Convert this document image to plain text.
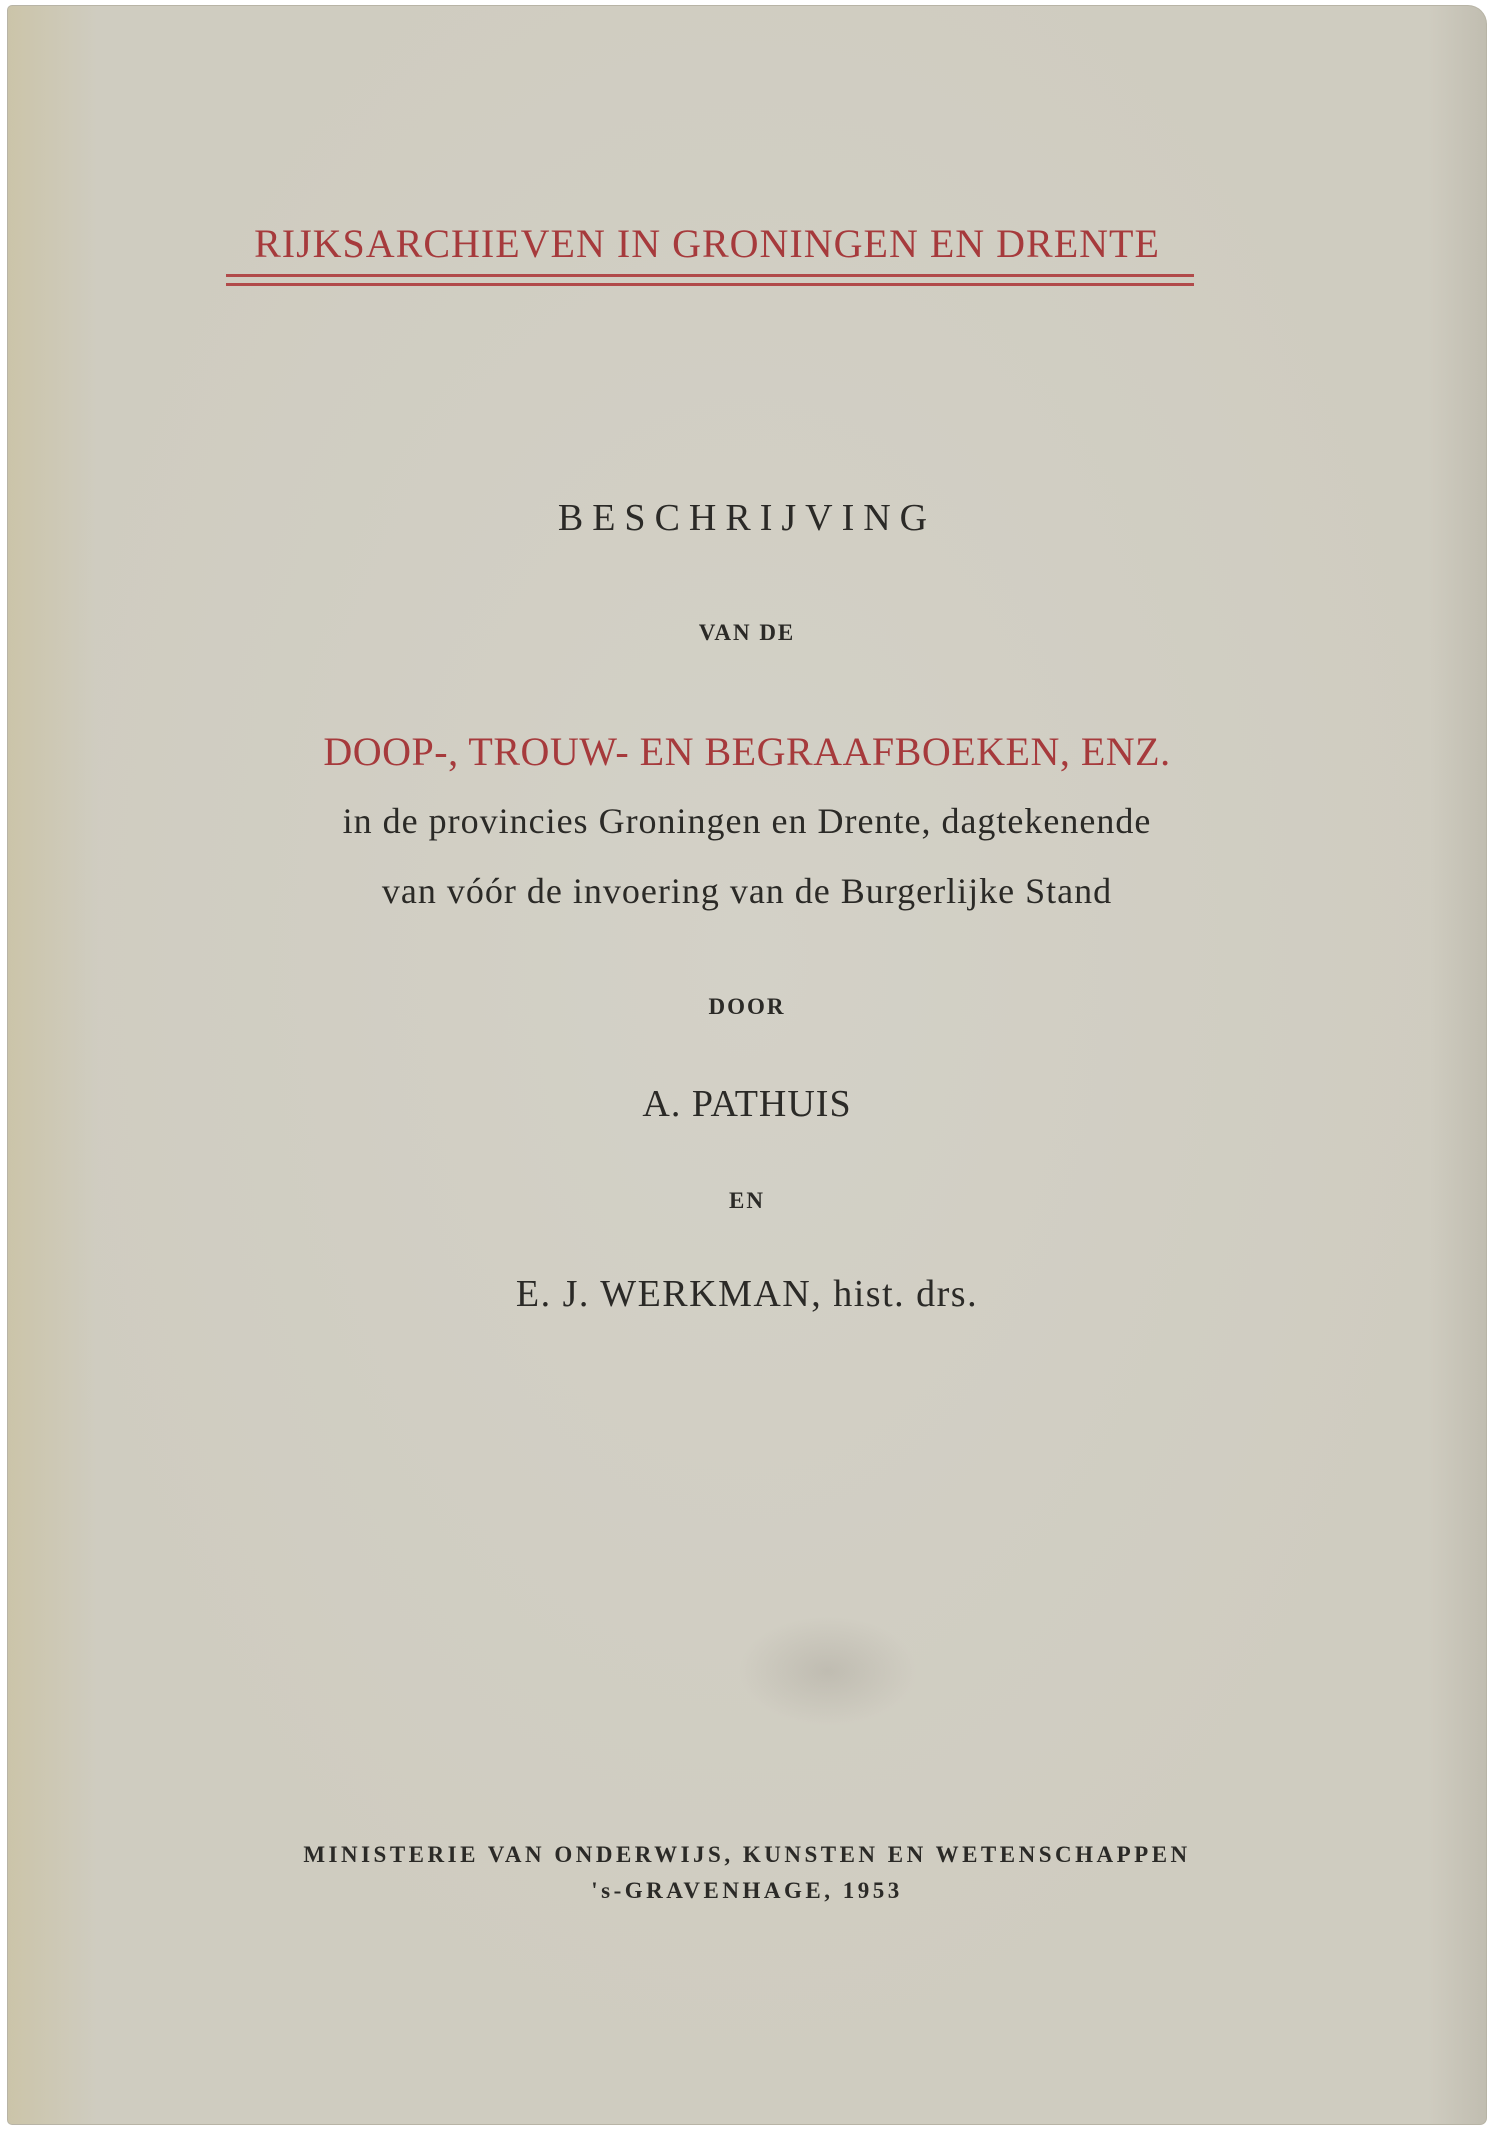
RIJKSARCHIEVEN IN GRONINGEN EN DRENTE
BESCHRIJVING
VAN DE
DOOP-, TROUW- EN BEGRAAFBOEKEN, ENZ.
in de provincies Groningen en Drente, dagtekenende
van vóór de invoering van de Burgerlijke Stand
DOOR
A. PATHUIS
EN
E. J. WERKMAN, hist. drs.
MINISTERIE VAN ONDERWIJS, KUNSTEN EN WETENSCHAPPEN
's-GRAVENHAGE, 1953
